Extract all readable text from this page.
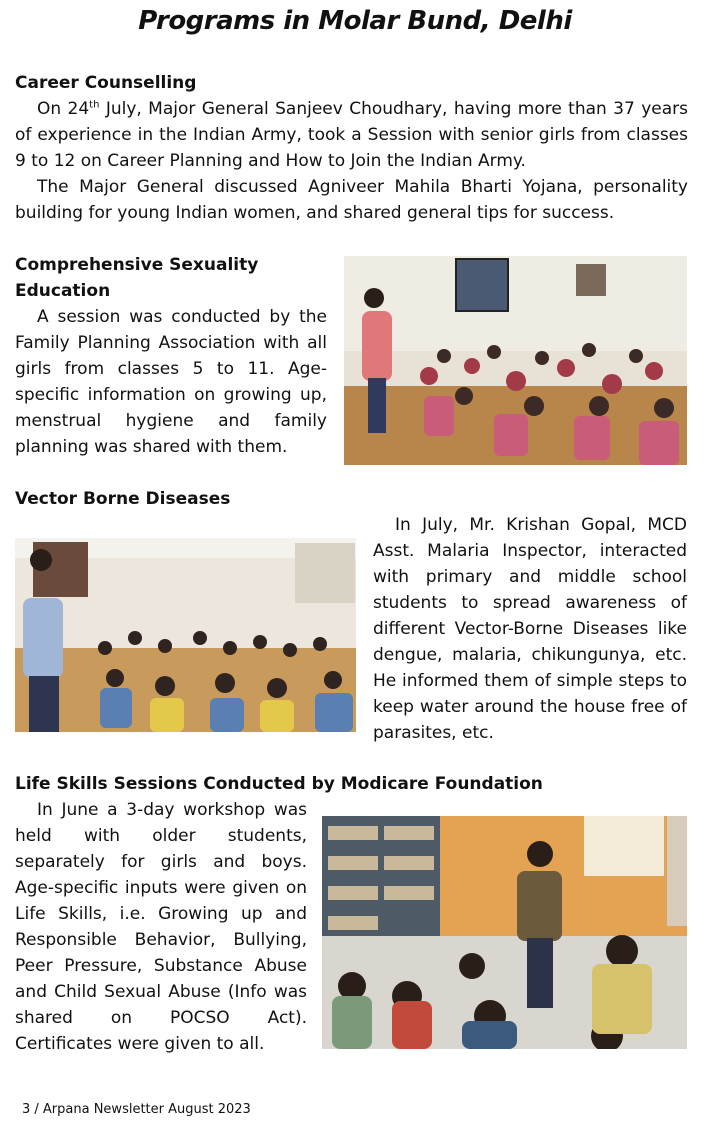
Programs in Molar Bund, Delhi
Career Counselling

On 24th July, Major General Sanjeev Choudhary, having more than 37 years of experience in the Indian Army, took a Session with senior girls from classes 9 to 12 on Career Planning and How to Join the Indian Army.

The Major General discussed Agniveer Mahila Bharti Yojana, personality building for young Indian women, and shared general tips for success.

Comprehensive Sexuality
Education

A session was conducted by the Family Planning Association with all girls from classes 5 to 11. Age-specific information on growing up, menstrual hygiene and family planning was shared with them.

Vector Borne Diseases

In July, Mr. Krishan Gopal, MCD Asst. Malaria Inspector, interacted with primary and middle school students to spread awareness of different Vector-Borne Diseases like dengue, malaria, chikungunya, etc. He informed them of simple steps to keep water around the house free of parasites, etc.

Life Skills Sessions Conducted by Modicare Foundation

In June a 3-day workshop was held with older students, separately for girls and boys. Age-specific inputs were given on Life Skills, i.e. Growing up and Responsible Behavior, Bullying, Peer Pressure, Substance Abuse and Child Sexual Abuse (Info was shared on POCSO Act). Certificates were given to all.

3 / Arpana Newsletter August 2023
